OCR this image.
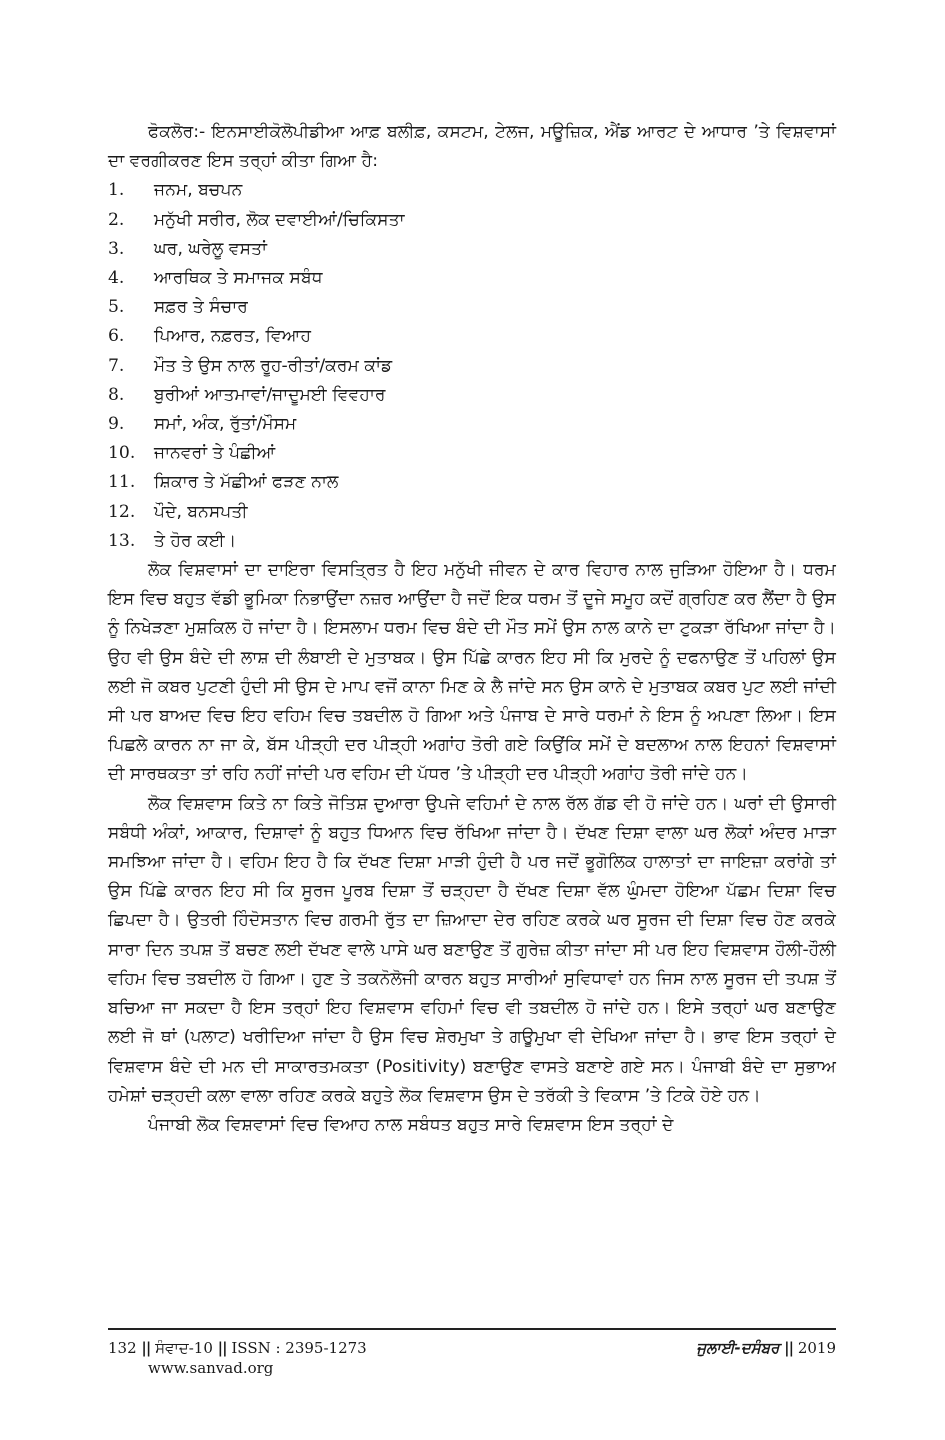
ਫੋਕਲੋਰ:- ਇਨਸਾਈਕੋਲੋਪੀਡੀਆ ਆਫ਼ ਬਲੀਫ਼, ਕਸਟਮ, ਟੇਲਜ, ਮਊਜ਼ਿਕ, ਐਂਡ ਆਰਟ ਦੇ ਆਧਾਰ ’ਤੇ ਵਿਸ਼ਵਾਸਾਂ ਦਾ ਵਰਗੀਕਰਣ ਇਸ ਤਰ੍ਹਾਂ ਕੀਤਾ ਗਿਆ ਹੈ:

1.	ਜਨਮ, ਬਚਪਨ
2.	ਮਨੁੱਖੀ ਸਰੀਰ, ਲੋਕ ਦਵਾਈਆਂ/ਚਿਕਿਸਤਾ
3.	ਘਰ, ਘਰੇਲੂ ਵਸਤਾਂ
4.	ਆਰਥਿਕ ਤੇ ਸਮਾਜਕ ਸਬੰਧ
5.	ਸਫ਼ਰ ਤੇ ਸੰਚਾਰ
6.	ਪਿਆਰ, ਨਫ਼ਰਤ, ਵਿਆਹ
7.	ਮੌਤ ਤੇ ਉਸ ਨਾਲ ਰੂਹ-ਰੀਤਾਂ/ਕਰਮ ਕਾਂਡ
8.	ਬੁਰੀਆਂ ਆਤਮਾਵਾਂ/ਜਾਦੂਮਈ ਵਿਵਹਾਰ
9.	ਸਮਾਂ, ਅੰਕ, ਰੁੱਤਾਂ/ਮੌਸਮ
10.	ਜਾਨਵਰਾਂ ਤੇ ਪੰਛੀਆਂ
11.	ਸ਼ਿਕਾਰ ਤੇ ਮੱਛੀਆਂ ਫੜਣ ਨਾਲ
12.	ਪੌਦੇ, ਬਨਸਪਤੀ
13.	ਤੇ ਹੋਰ ਕਈ।

ਲੋਕ ਵਿਸ਼ਵਾਸਾਂ ਦਾ ਦਾਇਰਾ ਵਿਸਤ੍ਰਿਤ ਹੈ ਇਹ ਮਨੁੱਖੀ ਜੀਵਨ ਦੇ ਕਾਰ ਵਿਹਾਰ ਨਾਲ ਜੁੜਿਆ ਹੋਇਆ ਹੈ। ਧਰਮ ਇਸ ਵਿਚ ਬਹੁਤ ਵੱਡੀ ਭੂਮਿਕਾ ਨਿਭਾਉਂਦਾ ਨਜ਼ਰ ਆਉਂਦਾ ਹੈ ਜਦੋਂ ਇਕ ਧਰਮ ਤੋਂ ਦੂਜੇ ਸਮੂਹ ਕਦੋਂ ਗ੍ਰਹਿਣ ਕਰ ਲੈਂਦਾ ਹੈ ਉਸ ਨੂੰ ਨਿਖੇੜਣਾ ਮੁਸ਼ਕਿਲ ਹੋ ਜਾਂਦਾ ਹੈ। ਇਸਲਾਮ ਧਰਮ ਵਿਚ ਬੰਦੇ ਦੀ ਮੌਤ ਸਮੇਂ ਉਸ ਨਾਲ ਕਾਨੇ ਦਾ ਟੁਕੜਾ ਰੱਖਿਆ ਜਾਂਦਾ ਹੈ। ਉਹ ਵੀ ਉਸ ਬੰਦੇ ਦੀ ਲਾਸ਼ ਦੀ ਲੰਬਾਈ ਦੇ ਮੁਤਾਬਕ। ਉਸ ਪਿੱਛੇ ਕਾਰਨ ਇਹ ਸੀ ਕਿ ਮੁਰਦੇ ਨੂੰ ਦਫਨਾਉਣ ਤੋਂ ਪਹਿਲਾਂ ਉਸ ਲਈ ਜੋ ਕਬਰ ਪੁਟਣੀ ਹੁੰਦੀ ਸੀ ਉਸ ਦੇ ਮਾਪ ਵਜੋਂ ਕਾਨਾ ਮਿਣ ਕੇ ਲੈ ਜਾਂਦੇ ਸਨ ਉਸ ਕਾਨੇ ਦੇ ਮੁਤਾਬਕ ਕਬਰ ਪੁਟ ਲਈ ਜਾਂਦੀ ਸੀ ਪਰ ਬਾਅਦ ਵਿਚ ਇਹ ਵਹਿਮ ਵਿਚ ਤਬਦੀਲ ਹੋ ਗਿਆ ਅਤੇ ਪੰਜਾਬ ਦੇ ਸਾਰੇ ਧਰਮਾਂ ਨੇ ਇਸ ਨੂੰ ਅਪਣਾ ਲਿਆ। ਇਸ ਪਿਛਲੇ ਕਾਰਨ ਨਾ ਜਾ ਕੇ, ਬੱਸ ਪੀੜ੍ਹੀ ਦਰ ਪੀੜ੍ਹੀ ਅਗਾਂਹ ਤੋਰੀ ਗਏ ਕਿਉਂਕਿ ਸਮੇਂ ਦੇ ਬਦਲਾਅ ਨਾਲ ਇਹਨਾਂ ਵਿਸ਼ਵਾਸਾਂ ਦੀ ਸਾਰਥਕਤਾ ਤਾਂ ਰਹਿ ਨਹੀਂ ਜਾਂਦੀ ਪਰ ਵਹਿਮ ਦੀ ਪੱਧਰ ’ਤੇ ਪੀੜ੍ਹੀ ਦਰ ਪੀੜ੍ਹੀ ਅਗਾਂਹ ਤੋਰੀ ਜਾਂਦੇ ਹਨ।

ਲੋਕ ਵਿਸ਼ਵਾਸ ਕਿਤੇ ਨਾ ਕਿਤੇ ਜੋਤਿਸ਼ ਦੁਆਰਾ ਉਪਜੇ ਵਹਿਮਾਂ ਦੇ ਨਾਲ ਰੱਲ ਗੱਡ ਵੀ ਹੋ ਜਾਂਦੇ ਹਨ। ਘਰਾਂ ਦੀ ਉਸਾਰੀ ਸਬੰਧੀ ਅੰਕਾਂ, ਆਕਾਰ, ਦਿਸ਼ਾਵਾਂ ਨੂੰ ਬਹੁਤ ਧਿਆਨ ਵਿਚ ਰੱਖਿਆ ਜਾਂਦਾ ਹੈ। ਦੱਖਣ ਦਿਸ਼ਾ ਵਾਲਾ ਘਰ ਲੋਕਾਂ ਅੰਦਰ ਮਾੜਾ ਸਮਝਿਆ ਜਾਂਦਾ ਹੈ। ਵਹਿਮ ਇਹ ਹੈ ਕਿ ਦੱਖਣ ਦਿਸ਼ਾ ਮਾੜੀ ਹੁੰਦੀ ਹੈ ਪਰ ਜਦੋਂ ਭੂਗੋਲਿਕ ਹਾਲਾਤਾਂ ਦਾ ਜਾਇਜ਼ਾ ਕਰਾਂਗੇ ਤਾਂ ਉਸ ਪਿੱਛੇ ਕਾਰਨ ਇਹ ਸੀ ਕਿ ਸੂਰਜ ਪੂਰਬ ਦਿਸ਼ਾ ਤੋਂ ਚੜ੍ਹਦਾ ਹੈ ਦੱਖਣ ਦਿਸ਼ਾ ਵੱਲ ਘੁੰਮਦਾ ਹੋਇਆ ਪੱਛਮ ਦਿਸ਼ਾ ਵਿਚ ਛਿਪਦਾ ਹੈ। ਉਤਰੀ ਹਿੰਦੋਸਤਾਨ ਵਿਚ ਗਰਮੀ ਰੁੱਤ ਦਾ ਜ਼ਿਆਦਾ ਦੇਰ ਰਹਿਣ ਕਰਕੇ ਘਰ ਸੂਰਜ ਦੀ ਦਿਸ਼ਾ ਵਿਚ ਹੋਣ ਕਰਕੇ ਸਾਰਾ ਦਿਨ ਤਪਸ਼ ਤੋਂ ਬਚਣ ਲਈ ਦੱਖਣ ਵਾਲੇ ਪਾਸੇ ਘਰ ਬਣਾਉਣ ਤੋਂ ਗੁਰੇਜ਼ ਕੀਤਾ ਜਾਂਦਾ ਸੀ ਪਰ ਇਹ ਵਿਸ਼ਵਾਸ ਹੌਲੀ-ਹੌਲੀ ਵਹਿਮ ਵਿਚ ਤਬਦੀਲ ਹੋ ਗਿਆ। ਹੁਣ ਤੇ ਤਕਨੋਲੋਜੀ ਕਾਰਨ ਬਹੁਤ ਸਾਰੀਆਂ ਸੁਵਿਧਾਵਾਂ ਹਨ ਜਿਸ ਨਾਲ ਸੂਰਜ ਦੀ ਤਪਸ਼ ਤੋਂ ਬਚਿਆ ਜਾ ਸਕਦਾ ਹੈ ਇਸ ਤਰ੍ਹਾਂ ਇਹ ਵਿਸ਼ਵਾਸ ਵਹਿਮਾਂ ਵਿਚ ਵੀ ਤਬਦੀਲ ਹੋ ਜਾਂਦੇ ਹਨ। ਇਸੇ ਤਰ੍ਹਾਂ ਘਰ ਬਣਾਉਣ ਲਈ ਜੋ ਥਾਂ (ਪਲਾਟ) ਖਰੀਦਿਆ ਜਾਂਦਾ ਹੈ ਉਸ ਵਿਚ ਸ਼ੇਰਮੁਖਾ ਤੇ ਗਊਮੁਖਾ ਵੀ ਦੇਖਿਆ ਜਾਂਦਾ ਹੈ। ਭਾਵ ਇਸ ਤਰ੍ਹਾਂ ਦੇ ਵਿਸ਼ਵਾਸ ਬੰਦੇ ਦੀ ਮਨ ਦੀ ਸਾਕਾਰਤਮਕਤਾ (Positivity) ਬਣਾਉਣ ਵਾਸਤੇ ਬਣਾਏ ਗਏ ਸਨ। ਪੰਜਾਬੀ ਬੰਦੇ ਦਾ ਸੁਭਾਅ ਹਮੇਸ਼ਾਂ ਚੜ੍ਹਦੀ ਕਲਾ ਵਾਲਾ ਰਹਿਣ ਕਰਕੇ ਬਹੁਤੇ ਲੋਕ ਵਿਸ਼ਵਾਸ ਉਸ ਦੇ ਤਰੱਕੀ ਤੇ ਵਿਕਾਸ ’ਤੇ ਟਿਕੇ ਹੋਏ ਹਨ।

ਪੰਜਾਬੀ ਲੋਕ ਵਿਸ਼ਵਾਸਾਂ ਵਿਚ ਵਿਆਹ ਨਾਲ ਸਬੰਧਤ ਬਹੁਤ ਸਾਰੇ ਵਿਸ਼ਵਾਸ ਇਸ ਤਰ੍ਹਾਂ ਦੇ

132 || ਸੰਵਾਦ-10 || ISSN : 2395-1273
www.sanvad.org
ਜੁਲਾਈ-ਦਸੰਬਰ || 2019
